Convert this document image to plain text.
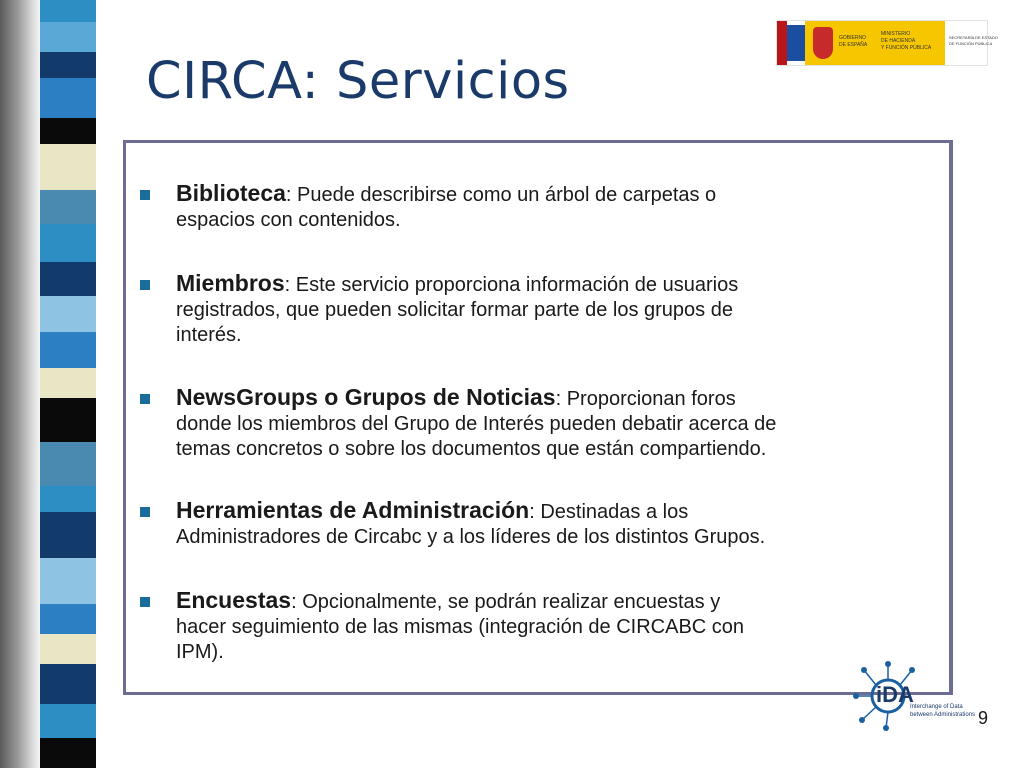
GOBIERNO
DE ESPAÑA
MINISTERIO
DE HACIENDA
Y FUNCIÓN PÚBLICA
SECRETARÍA DE ESTADO
DE FUNCIÓN PÚBLICA
CIRCA: Servicios
Biblioteca: Puede describirse como un árbol de carpetas o
espacios con contenidos.
Miembros: Este servicio proporciona información de usuarios
registrados, que pueden solicitar formar parte de los grupos de
interés.
NewsGroups o Grupos de Noticias: Proporcionan foros
donde los miembros del Grupo de Interés pueden debatir acerca de
temas concretos o sobre los documentos que están compartiendo.
Herramientas de Administración: Destinadas a los
Administradores de Circabc y a los líderes de los distintos Grupos.
Encuestas: Opcionalmente, se podrán realizar encuestas y
hacer seguimiento de las mismas (integración de CIRCABC con
IPM).
iDA
Interchange of Data
between Administrations 9
